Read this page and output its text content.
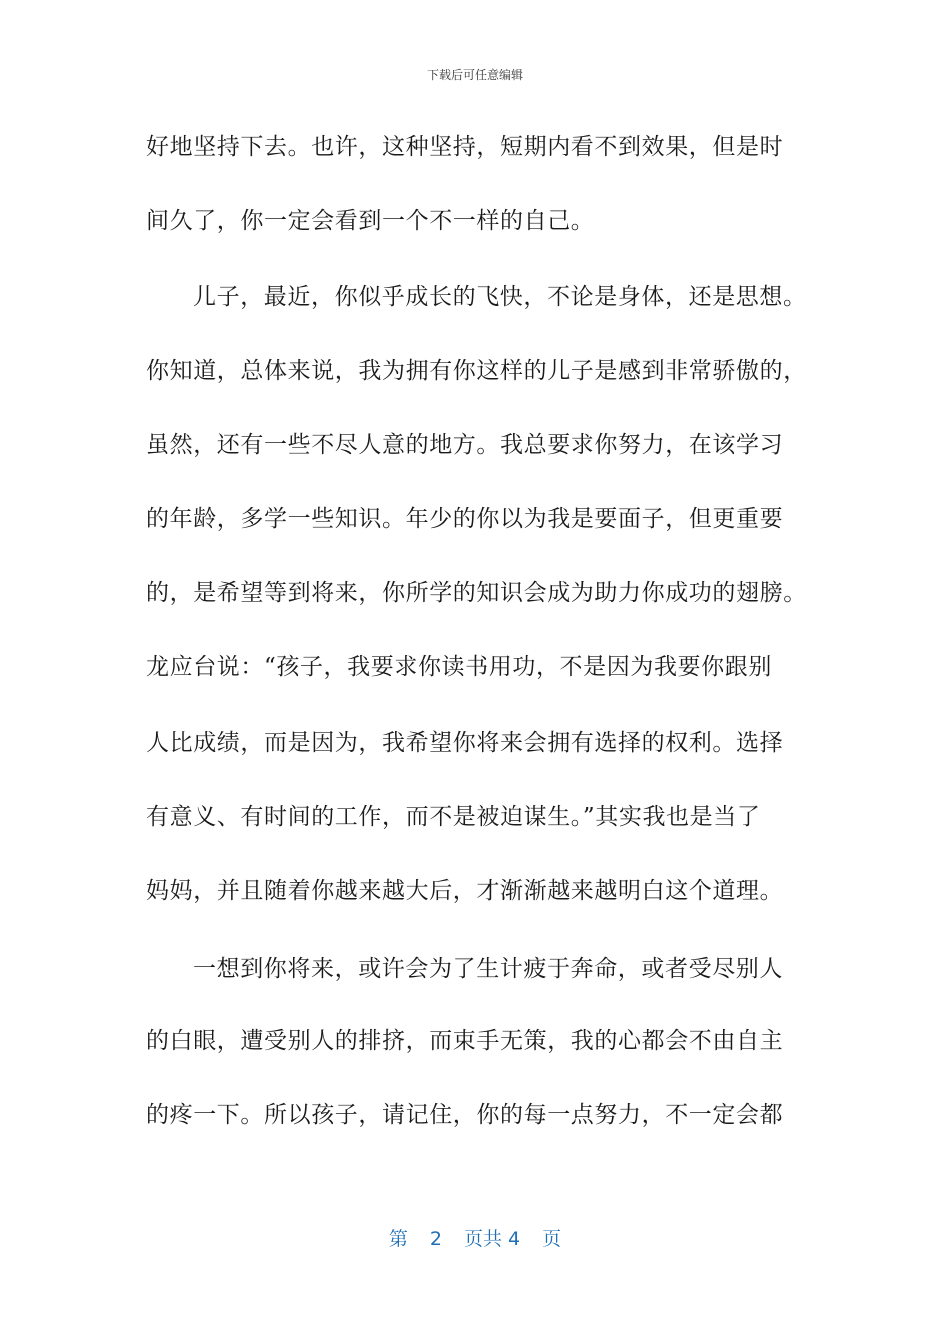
下载后可任意编辑
好地坚持下去。也许，这种坚持，短期内看不到效果，但是时
间久了，你一定会看到一个不一样的自己。
儿子，最近，你似乎成长的飞快，不论是身体，还是思想。
你知道，总体来说，我为拥有你这样的儿子是感到非常骄傲的，
虽然，还有一些不尽人意的地方。我总要求你努力，在该学习
的年龄，多学一些知识。年少的你以为我是要面子，但更重要
的，是希望等到将来，你所学的知识会成为助力你成功的翅膀。
龙应台说：“孩子，我要求你读书用功，不是因为我要你跟别
人比成绩，而是因为，我希望你将来会拥有选择的权利。选择
有意义、有时间的工作，而不是被迫谋生。”其实我也是当了
妈妈，并且随着你越来越大后，才渐渐越来越明白这个道理。
一想到你将来，或许会为了生计疲于奔命，或者受尽别人
的白眼，遭受别人的排挤，而束手无策，我的心都会不由自主
的疼一下。所以孩子，请记住，你的每一点努力，不一定会都
第 2 页共 4 页
